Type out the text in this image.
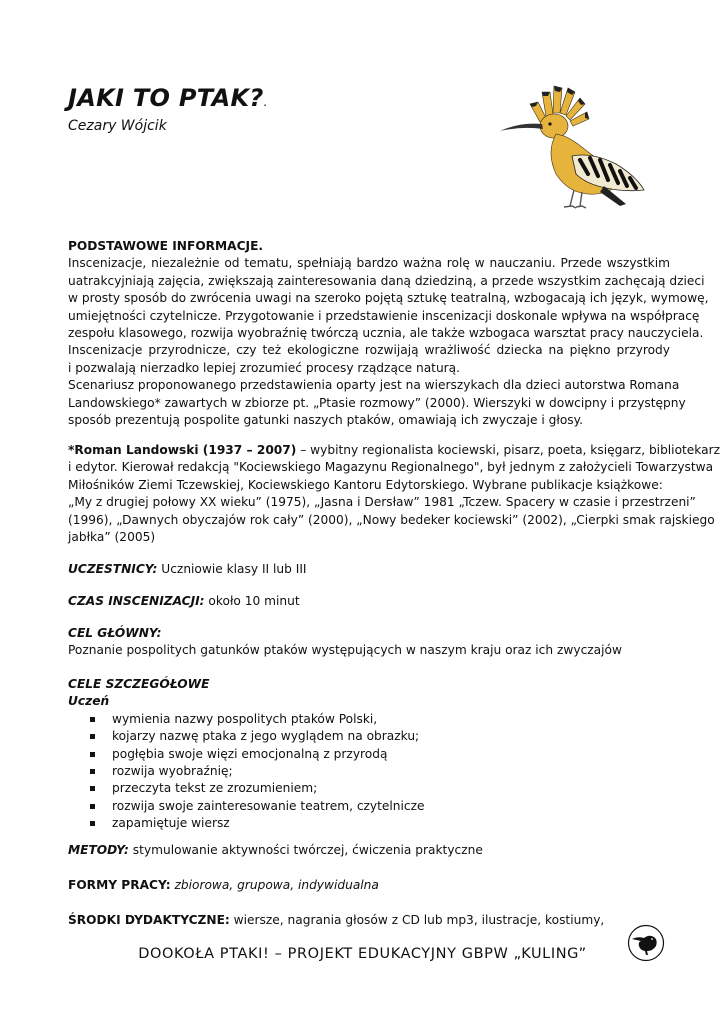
JAKI TO PTAK?.
Cezary Wójcik
PODSTAWOWE INFORMACJE.
Inscenizacje, niezależnie od tematu, spełniają bardzo ważna rolę w nauczaniu. Przede wszystkim
uatrakcyjniają zajęcia, zwiększają zainteresowania daną dziedziną, a przede wszystkim zachęcają dzieci
w prosty sposób do zwrócenia uwagi na szeroko pojętą sztukę teatralną, wzbogacają ich język, wymowę,
umiejętności czytelnicze. Przygotowanie i przedstawienie inscenizacji doskonale wpływa na współpracę
zespołu klasowego, rozwija wyobraźnię twórczą ucznia, ale także wzbogaca warsztat pracy nauczyciela.
Inscenizacje przyrodnicze, czy też ekologiczne rozwijają wrażliwość dziecka na piękno przyrody
i pozwalają nierzadko lepiej zrozumieć procesy rządzące naturą.
Scenariusz proponowanego przedstawienia oparty jest na wierszykach dla dzieci autorstwa Romana
Landowskiego* zawartych w zbiorze pt. „Ptasie rozmowy” (2000). Wierszyki w dowcipny i przystępny
sposób prezentują pospolite gatunki naszych ptaków, omawiają ich zwyczaje i głosy.
*Roman Landowski (1937 – 2007) – wybitny regionalista kociewski, pisarz, poeta, księgarz, bibliotekarz
i edytor. Kierował redakcją "Kociewskiego Magazynu Regionalnego", był jednym z założycieli Towarzystwa
Miłośników Ziemi Tczewskiej, Kociewskiego Kantoru Edytorskiego. Wybrane publikacje książkowe:
„My z drugiej połowy XX wieku” (1975), „Jasna i Dersław” 1981 „Tczew. Spacery w czasie i przestrzeni”
(1996), „Dawnych obyczajów rok cały” (2000), „Nowy bedeker kociewski” (2002), „Cierpki smak rajskiego
jabłka” (2005)
UCZESTNICY: Uczniowie klasy II lub III
CZAS INSCENIZACJI: około 10 minut
CEL GŁÓWNY:
Poznanie pospolitych gatunków ptaków występujących w naszym kraju oraz ich zwyczajów
CELE SZCZEGÓŁOWE
Uczeń
wymienia nazwy pospolitych ptaków Polski,
kojarzy nazwę ptaka z jego wyglądem na obrazku;
pogłębia swoje więzi emocjonalną z przyrodą
rozwija wyobraźnię;
przeczyta tekst ze zrozumieniem;
rozwija swoje zainteresowanie teatrem, czytelnicze
zapamiętuje wiersz
METODY: stymulowanie aktywności twórczej, ćwiczenia praktyczne
FORMY PRACY: zbiorowa, grupowa, indywidualna
ŚRODKI DYDAKTYCZNE: wiersze, nagrania głosów z CD lub mp3, ilustracje, kostiumy,
DOOKOŁA PTAKI! – PROJEKT EDUKACYJNY GBPW „KULING”
